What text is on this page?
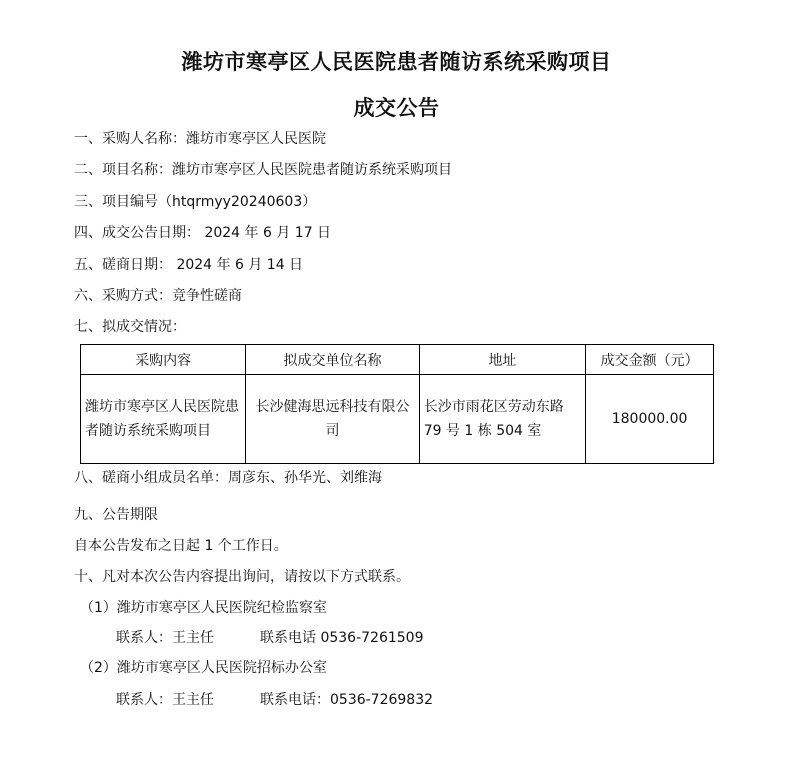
潍坊市寒亭区人民医院患者随访系统采购项目
成交公告
一、采购人名称：潍坊市寒亭区人民医院
二、项目名称：潍坊市寒亭区人民医院患者随访系统采购项目
三、项目编号（htqrmyy20240603）
四、成交公告日期： 2024 年 6 月 17 日
五、磋商日期： 2024 年 6 月 14 日
六、采购方式：竞争性磋商
七、拟成交情况：
采购内容	拟成交单位名称	地址	成交金额（元）
潍坊市寒亭区人民医院患者随访系统采购项目	长沙健海思远科技有限公司	长沙市雨花区劳动东路 79 号 1 栋 504 室	180000.00
八、磋商小组成员名单：周彦东、孙华光、刘维海
九、公告期限
自本公告发布之日起 1 个工作日。
十、凡对本次公告内容提出询问，请按以下方式联系。
（1）潍坊市寒亭区人民医院纪检监察室
联系人：王主任	联系电话 0536-7261509
（2）潍坊市寒亭区人民医院招标办公室
联系人：王主任	联系电话：0536-7269832
